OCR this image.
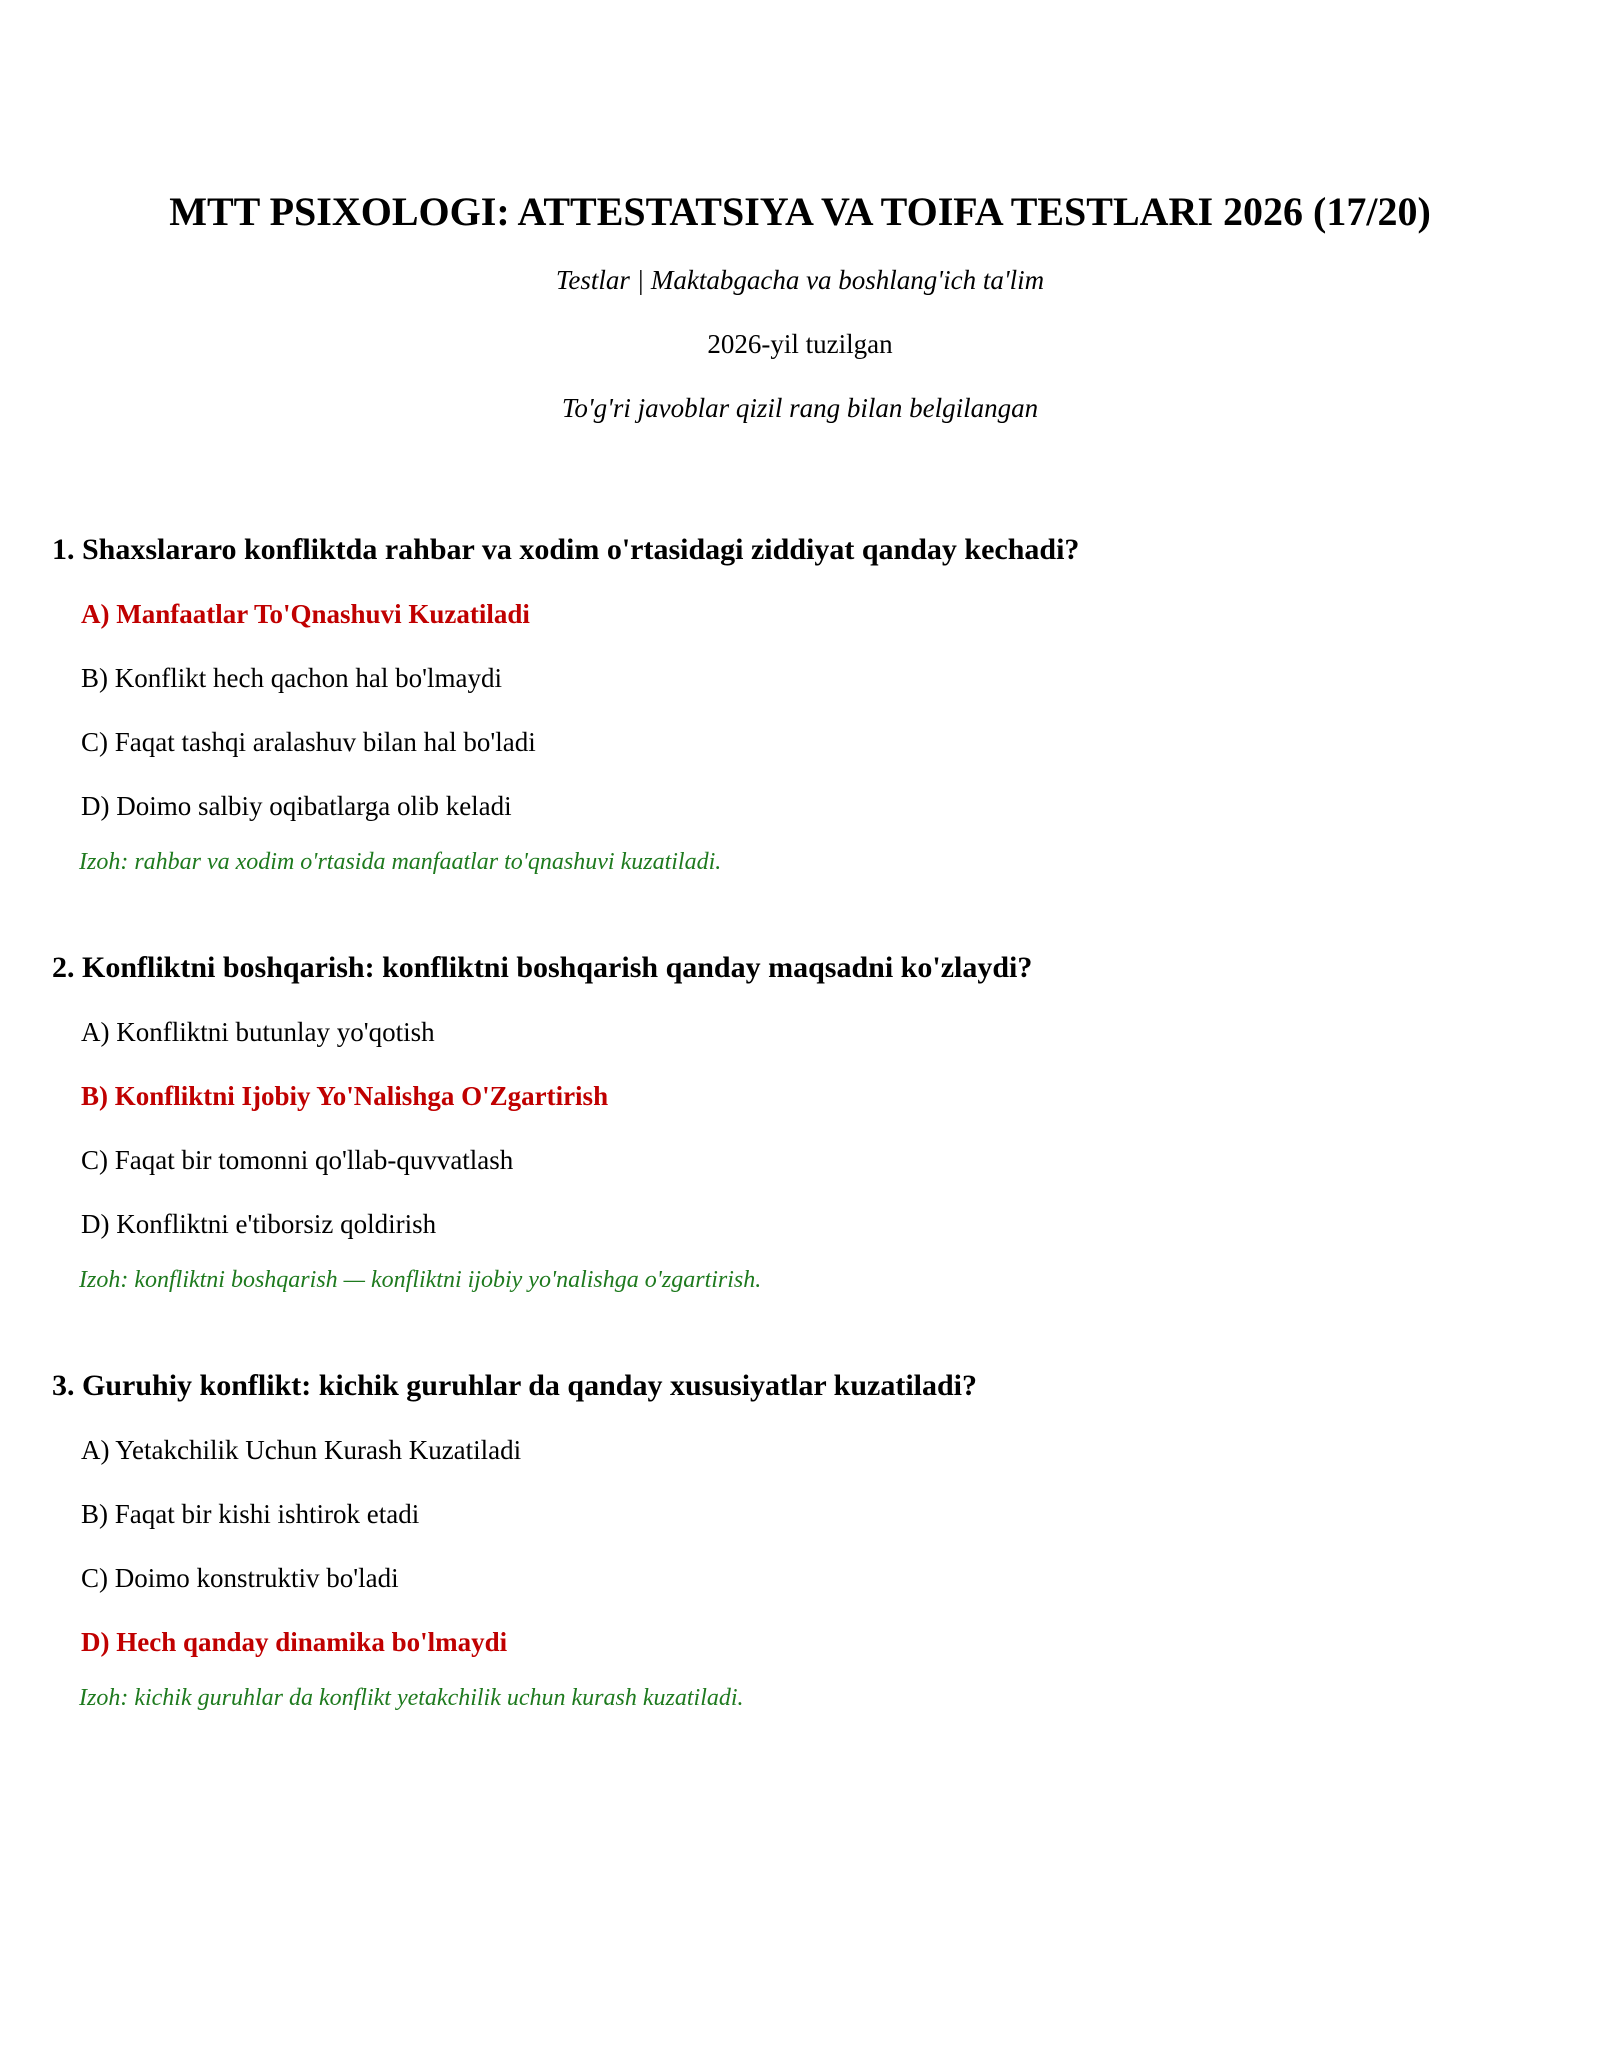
MTT PSIXOLOGI: ATTESTATSIYA VA TOIFA TESTLARI 2026 (17/20)

Testlar | Maktabgacha va boshlang'ich ta'lim

2026-yil tuzilgan

To'g'ri javoblar qizil rang bilan belgilangan

1. Shaxslararo konfliktda rahbar va xodim o'rtasidagi ziddiyat qanday kechadi?
A) Manfaatlar To'Qnashuvi Kuzatiladi
B) Konflikt hech qachon hal bo'lmaydi
C) Faqat tashqi aralashuv bilan hal bo'ladi
D) Doimo salbiy oqibatlarga olib keladi
Izoh: rahbar va xodim o'rtasida manfaatlar to'qnashuvi kuzatiladi.
2. Konfliktni boshqarish: konfliktni boshqarish qanday maqsadni ko'zlaydi?
A) Konfliktni butunlay yo'qotish
B) Konfliktni Ijobiy Yo'Nalishga O'Zgartirish
C) Faqat bir tomonni qo'llab-quvvatlash
D) Konfliktni e'tiborsiz qoldirish
Izoh: konfliktni boshqarish — konfliktni ijobiy yo'nalishga o'zgartirish.
3. Guruhiy konflikt: kichik guruhlar da qanday xususiyatlar kuzatiladi?
A) Yetakchilik Uchun Kurash Kuzatiladi
B) Faqat bir kishi ishtirok etadi
C) Doimo konstruktiv bo'ladi
D) Hech qanday dinamika bo'lmaydi
Izoh: kichik guruhlar da konflikt yetakchilik uchun kurash kuzatiladi.
